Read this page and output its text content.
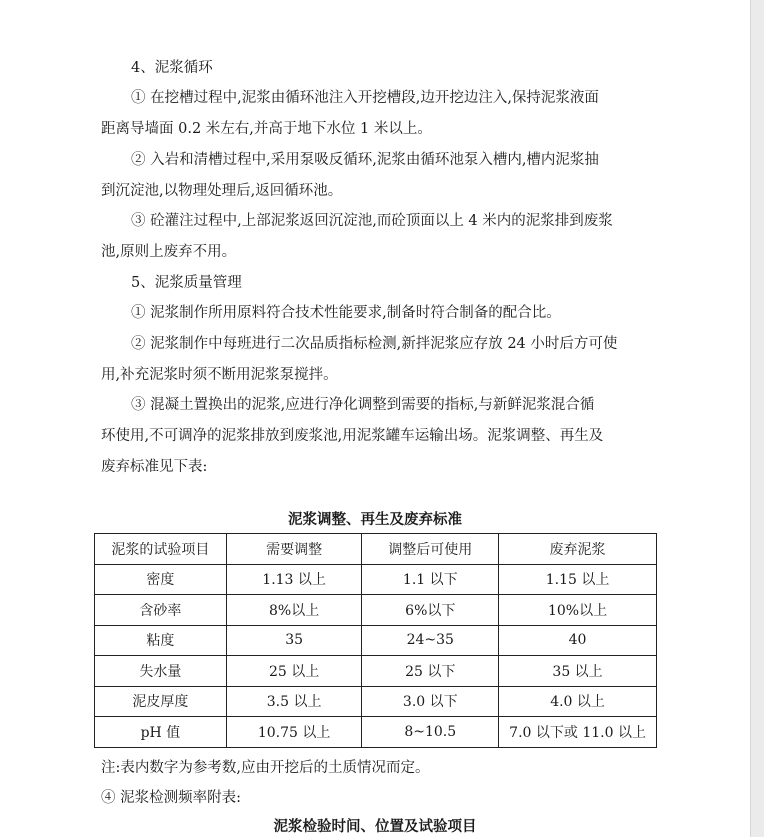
4、泥浆循环
① 在挖槽过程中,泥浆由循环池注入开挖槽段,边开挖边注入,保持泥浆液面
距离导墙面 0.2 米左右,并高于地下水位 1 米以上。
② 入岩和清槽过程中,采用泵吸反循环,泥浆由循环池泵入槽内,槽内泥浆抽
到沉淀池,以物理处理后,返回循环池。
③ 砼灌注过程中,上部泥浆返回沉淀池,而砼顶面以上 4 米内的泥浆排到废浆
池,原则上废弃不用。
5、泥浆质量管理
① 泥浆制作所用原料符合技术性能要求,制备时符合制备的配合比。
② 泥浆制作中每班进行二次品质指标检测,新拌泥浆应存放 24 小时后方可使
用,补充泥浆时须不断用泥浆泵搅拌。
③ 混凝土置换出的泥浆,应进行净化调整到需要的指标,与新鲜泥浆混合循
环使用,不可调净的泥浆排放到废浆池,用泥浆罐车运输出场。泥浆调整、再生及
废弃标准见下表:
泥浆调整、再生及废弃标准
泥浆的试验项目	需要调整	调整后可使用	废弃泥浆
密度	1.13 以上	1.1 以下	1.15 以上
含砂率	8%以上	6%以下	10%以上
粘度	35	24~35	40
失水量	25 以上	25 以下	35 以上
泥皮厚度	3.5 以上	3.0 以下	4.0 以上
pH 值	10.75 以上	8~10.5	7.0 以下或 11.0 以上
注:表内数字为参考数,应由开挖后的土质情况而定。
④ 泥浆检测频率附表:
泥浆检验时间、位置及试验项目
